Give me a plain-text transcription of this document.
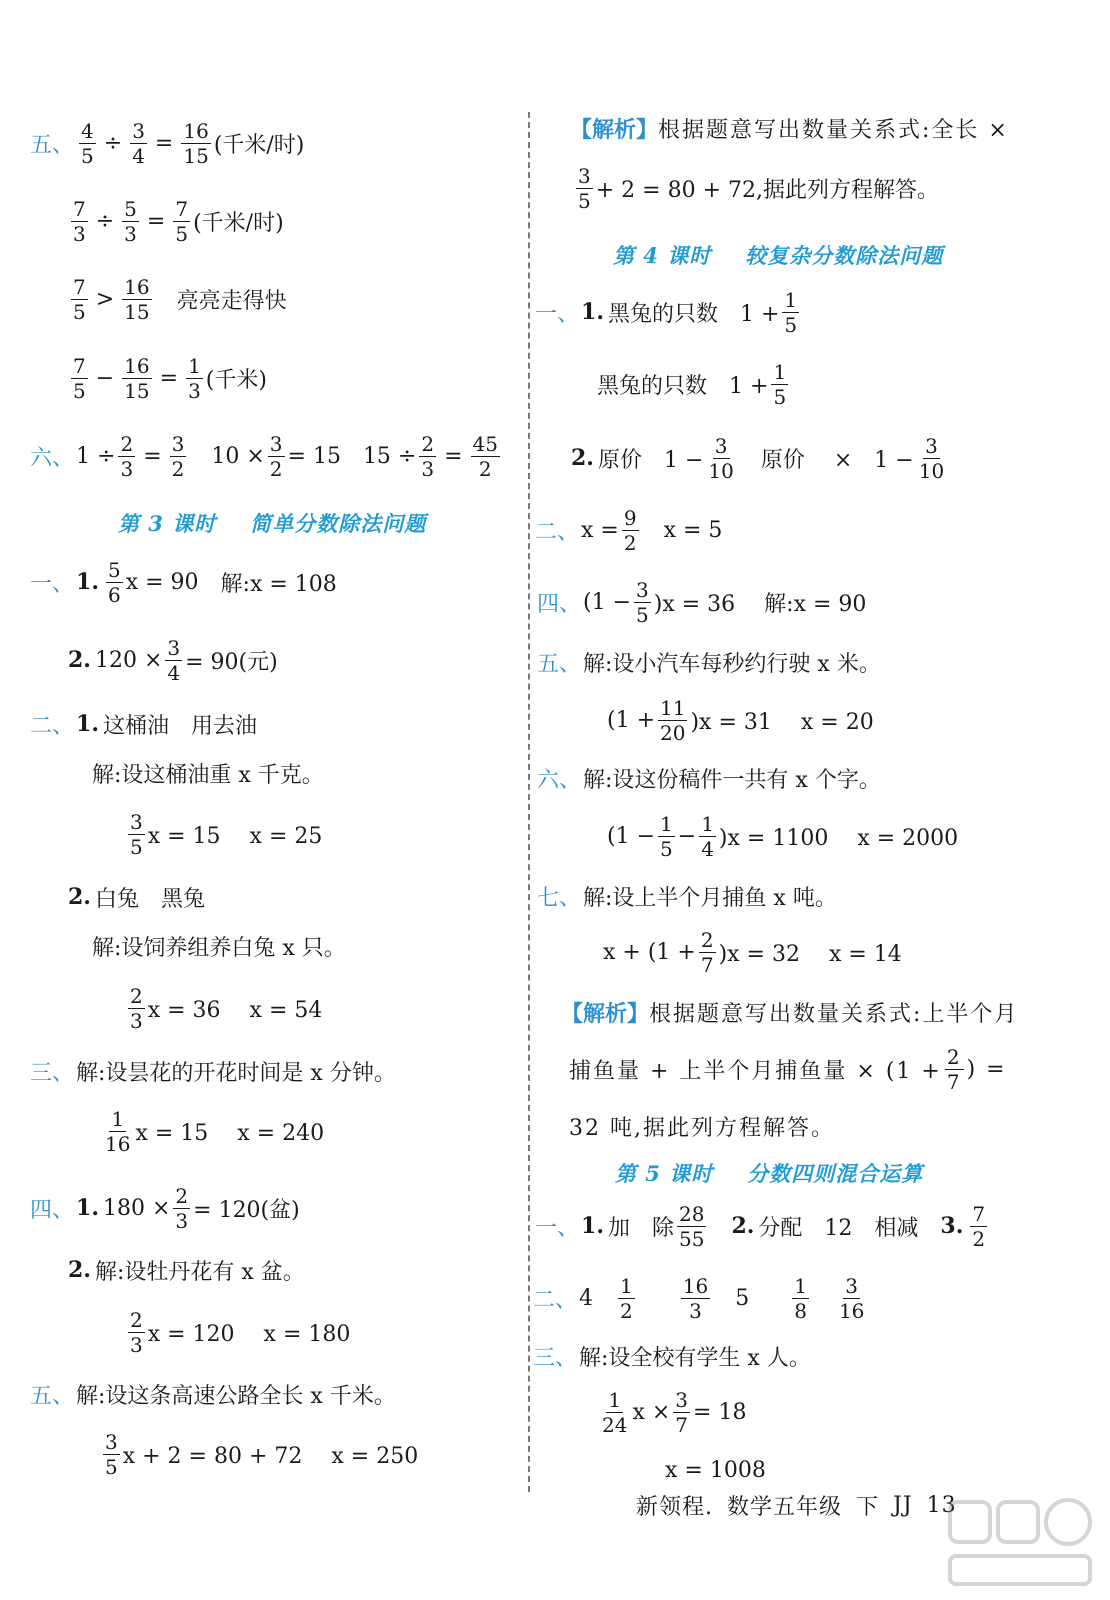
五、 $\frac{4}{5} \div \frac{3}{4} = \frac{16}{15}$ (千米/时)
$\frac{7}{3} \div \frac{5}{3} = \frac{7}{5}$ (千米/时)
$\frac{7}{5} > \frac{16}{15}$ 亮亮走得快
$\frac{7}{5} - \frac{16}{15} = \frac{1}{3}$ (千米)
六、 $1 \div \frac{2}{3} = \frac{3}{2} 10 \times \frac{3}{2} = 15$ $15 \div \frac{2}{3} = \frac{45}{2}$
第 3 课时 简单分数除法问题
一、 1. $\frac{5}{6}$ x = 90 解:x = 108
2. $120 \times \frac{3}{4} = 90$(元)
二、 1. 这桶油　用去油
解:设这桶油重 x 千克。
$\frac{3}{5}$ x = 15　 x = 25
2. 白兔　黑兔
解:设饲养组养白兔 x 只。
$\frac{2}{3}$ x = 36　 x = 54
三、 解:设昙花的开花时间是 x 分钟。
$\frac{1}{16}$ x = 15　 x = 240
四、 1. $180 \times \frac{2}{3} = 120$(盆)
2. 解:设牡丹花有 x 盆。
$\frac{2}{3}$ x = 120　 x = 180
五、 解:设这条高速公路全长 x 千米。
$\frac{3}{5}$ x + 2 = 80 + 72　 x = 250
【解析】 根据题意写出数量关系式:全长 ×
$\frac{3}{5} + 2 = 80 + 72$,据此列方程解答。
第 4 课时 较复杂分数除法问题
一、 1. 黑兔的只数　$1 + \frac{1}{5}$
黑兔的只数　$1 + \frac{1}{5}$
2. 原价　$1 - \frac{3}{10}$ 原价　 ×　$1 - \frac{3}{10}$
二、 $x = \frac{9}{2}$ x = 5
四、 $(1 - \frac{3}{5} )x = 36$　 解:x = 90
五、 解:设小汽车每秒约行驶 x 米。
$(1 + \frac{11}{20} )x = 31$　 x = 20
六、 解:设这份稿件一共有 x 个字。
$(1 - \frac{1}{5} - \frac{1}{4} )x = 1100$　 x = 2000
七、 解:设上半个月捕鱼 x 吨。
$x + (1 + \frac{2}{7} )x = 32$　 x = 14
【解析】 根据题意写出数量关系式:上半个月
捕鱼量 + 上半个月捕鱼量 × ($1 + \frac{2}{7}$ ) =
32 吨,据此列方程解答。
第 5 课时 分数四则混合运算
一、 1. 加　除 $\frac{28}{55} 2$. 分配　12　相减 3. $\frac{7}{2}$
二、 $4 \frac{1}{2} \frac{16}{3} 5 \frac{1}{8} \frac{3}{16}$
三、 解:设全校有学生 x 人。
$\frac{1}{24}$ $x \times \frac{3}{7} = 18$
x = 1008
新领程. 数学五年级 下 JJ 13
